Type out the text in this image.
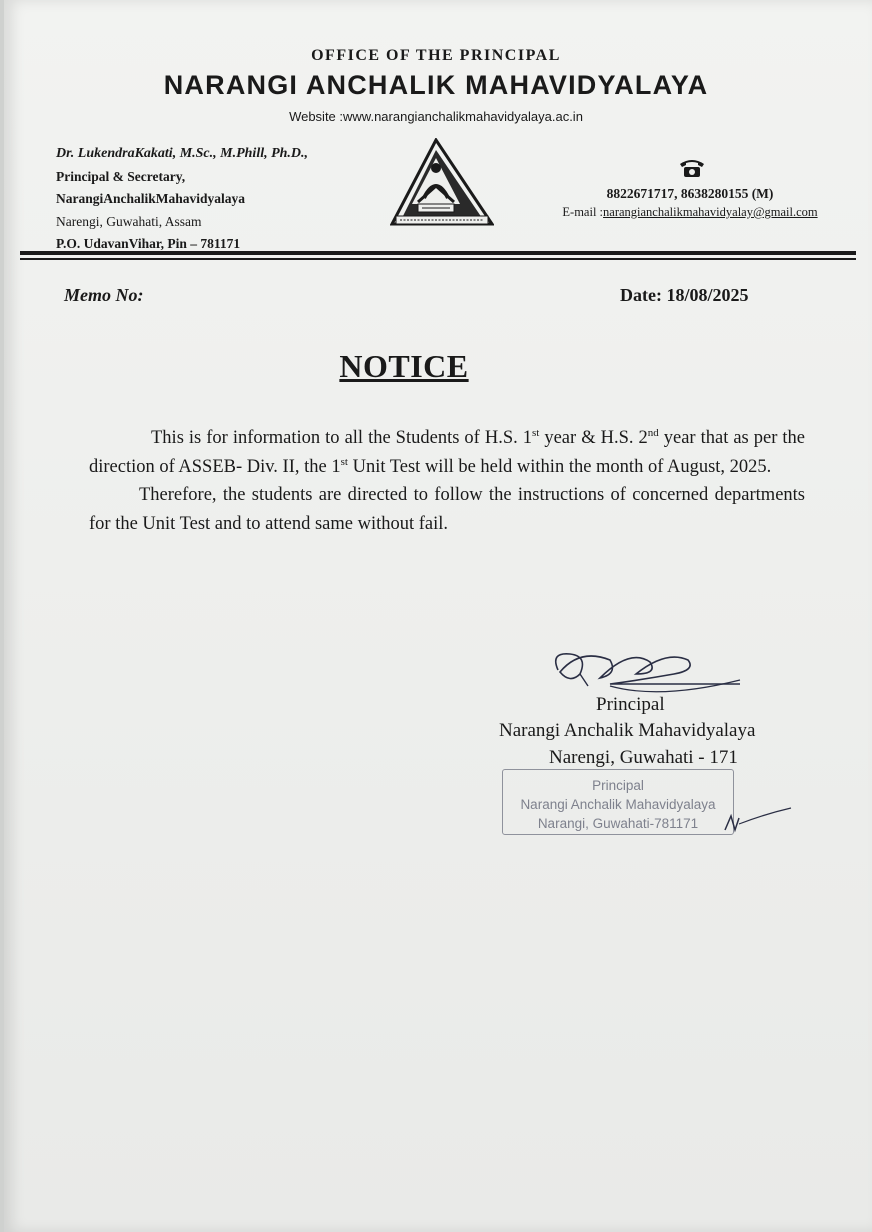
OFFICE OF THE PRINCIPAL
NARANGI ANCHALIK MAHAVIDYALAYA
Website :www.narangianchalikmahavidyalaya.ac.in
Dr. LukendraKakati, M.Sc., M.Phill, Ph.D.,
Principal & Secretary,
NarangiAnchalikMahavidyalaya
Narengi, Guwahati, Assam
P.O. UdavanVihar, Pin – 781171
8822671717, 8638280155 (M)
E-mail :narangianchalikmahavidyalay@gmail.com
Memo No:	Date: 18/08/2025
NOTICE

This is for information to all the Students of H.S. 1st year & H.S. 2nd year that as per the direction of ASSEB- Div. II, the 1st Unit Test will be held within the month of August, 2025.

Therefore, the students are directed to follow the instructions of concerned departments for the Unit Test and to attend same without fail.

Principal
Narangi Anchalik Mahavidyalaya
Narengi, Guwahati - 171
Principal
Narangi Anchalik Mahavidyalaya
Narangi, Guwahati-781171
